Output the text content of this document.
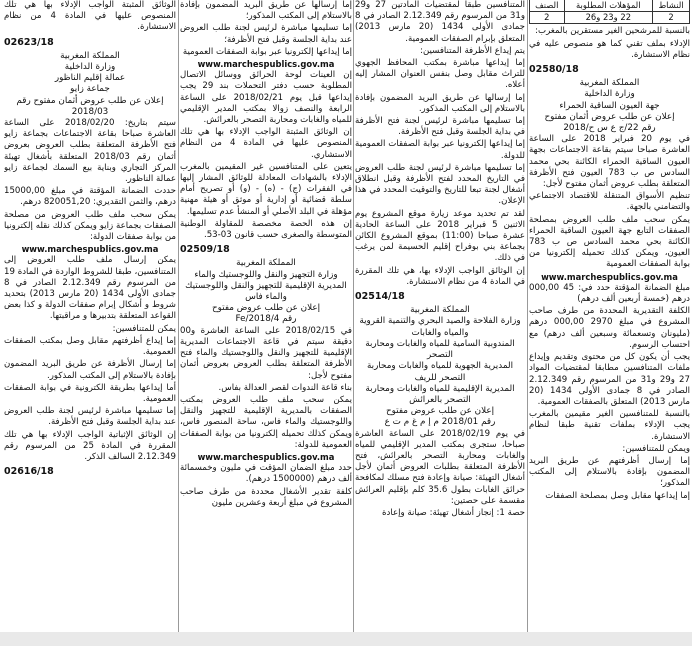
النشاط	المؤهلات المطلوبة	الصنف
2	22 و23 و26	2

بالنسبة للمرشحين الغير مستقرين بالمغرب:

الإدلاء بملف تقني كما هو منصوص عليه في نظام الاستشارة.

02580/18

المملكة المغربية

وزارة الداخلية

جهة العيون الساقية الحمراء

إعلان عن طلب عروض أثمان مفتوح

رقم 22/ج ع س ح/2018

في يوم 20 فبراير 2018 على الساعة العاشرة صباحا سيتم بقاعة الاجتماعات بجهة العيون الساقية الحمراء الكائنة بحي محمد السادس ص ب 783 العيون فتح الأظرفة المتعلقة بطلب عروض أثمان مفتوح لأجل:

تنظيم الأسواق المتنقلة للاقتصاد الاجتماعي والتضامني بالجهة.

يمكن سحب ملف طلب العروض بمصلحة الصفقات التابع جهة العيون الساقية الحمراء الكائنة بحي محمد السادس ص ب 783 العيون، ويمكن كذلك تحميله إلكترونيا من بوابة الصفقات العمومية

www.marchespublics.gov.ma

مبلغ الضمانة المؤقتة حدد في: 45 000,00 درهم (خمسة أربعين ألف درهم)

الكلفة التقديرية المحددة من طرف صاحب المشروع في مبلغ 2970 000,00 درهم (مليونان وتسعمائة وسبعين ألف درهم) مع احتساب الرسوم.

يجب أن يكون كل من محتوى وتقديم وإيداع ملفات المتنافسين مطابقا لمقتضيات المواد 27 و29 و31 من المرسوم رقم 2.12.349 الصادر في 8 جمادى الأولى 1434 (20 مارس 2013) المتعلق بالصفقات العمومية.

بالنسبة للمتنافسين الغير مقيمين بالمغرب يجب الإدلاء بملفات تقنية طبقا لنظام الاستشارة.

ويمكن للمتنافسين:

إما إرسال أظرفتهم عن طريق البريد المضمون بإفادة بالاستلام إلى المكتب المذكور؛

إما إيداعها مقابل وصل بمصلحة الصفقات

المتنافسين طبقا لمقتضيات المادتين 27 و29 و31 من المرسوم رقم 2.12.349 الصادر في 8 جمادى الأولى 1434 (20 مارس 2013) المتعلق بإبرام الصفقات العمومية.

يتم إيداع الأظرفة المتنافسين:

إما إيداعها مباشرة بمكتب المحافظ الجهوي للتراث مقابل وصل بنفس العنوان المشار إليه أعلاه.

إما إرسالها عن طريق البريد المضمون بإفادة بالاستلام إلى المكتب المذكور.

إما تسليمها مباشرة لرئيس لجنة فتح الأظرفة في بداية الجلسة وقبل فتح الأظرفة.

إما إيداعها إلكترونيا عبر بوابة الصفقات العمومية للدولة.

إما تسليمها مباشرة لرئيس لجنة طلب العروض في التاريخ المحدد لفتح الأظرفة وقبل انطلاق أشغال لجنة تبعا للتاريخ والتوقيت المحدد في هذا الإعلان.

لقد تم تحديد موعد زيارة موقع المشروع يوم الاثنين 5 فبراير 2018 على الساعة الحادية عشرة صباحا (11:00) بموقع المشروع الكائن بجماعة بني بوفراح إقليم الحسيمة لمن يرغب في ذلك.

إن الوثائق الواجب الإدلاء بها، هي تلك المقررة في المادة 4 من نظام الاستشارة.

02514/18

المملكة المغربية

وزارة الفلاحة والصيد البحري والتنمية القروية والمياه والغابات

المندوبية السامية للمياه والغابات ومحاربة التصحر

المديرية الجهوية للمياه والغابات ومحاربة التصحر للريف

المديرية الإقليمية للمياه والغابات ومحاربة التصحر بالعرائش

إعلان عن طلب عروض مفتوح

رقم 2018/01 م إ م غ م ت ع

في يوم 2018/02/19 على الساعة العاشرة صباحا، ستجرى بمكتب المدير الإقليمي للمياه والغابات ومحاربة التصحر بالعرائش، فتح الأظرفة المتعلقة بطلبات العروض أثمان لأجل أشغال التهيئة: صيانة وإعادة فتح مسلك لمكافحة حرائق الغابات بطول 35.6 كلم بإقليم العرائش مقسمة على حصتين:

حصة 1: إنجاز أشغال تهيئة: صيانة وإعادة

إما إرسالها عن طريق البريد المضمون بإفادة بالاستلام إلى المكتب المذكور؛

إما تسليمها مباشرة لرئيس لجنة طلب العروض عند بداية الجلسة وقبل فتح الأظرفة؛

إما إيداعها إلكترونيا عبر بوابة الصفقات العمومية

www.marchespublics.gov.ma

إن العينات لوحة الحرائق ووسائل الاتصال المطلوبة حسب دفتر التحملات بند 29 يجب إيداعها قبل يوم 2018/02/21 على الساعة الرابعة والنصف زوالا بمكتب المدير الإقليمي للمياه والغابات ومحاربة التصحر بالعرائش.

إن الوثائق المثبتة الواجب الإدلاء بها هي تلك المنصوص عليها في المادة 4 من النظام الاستشاري.

يتعين على المتنافسين غير المقيمين بالمغرب الإدلاء بالشهادات المعادلة للوثائق المشار إليها في الفقرات (ج) - (ه) - (و) أو تصريح أمام سلطة قضائية أو إدارية أو موثق أو هيئة مهنية مؤهلة في البلد الأصلي أو المنشأ عدم تسليمها.

إن هذه الحصة مخصصة للمقاولة الوطنية المتوسطة والصغرى حسب قانون 03-53.

02509/18

المملكة المغربية

وزارة التجهيز والنقل واللوجستيك والماء

المديرية الإقليمية للتجهيز والنقل واللوجستيك والماء فاس

إعلان عن طلب عروض مفتوح

رقم Fe/2018/4

في 2018/02/15 على الساعة العاشرة و00 دقيقة سيتم في قاعة الاجتماعات المديرية الإقليمية للتجهيز والنقل واللوجستيك والماء فتح الأظرفة المتعلقة بطلب العروض بعروض أثمان مفتوح لأجل:

بناء قاعة الندوات لقصر العدالة بفاس.

يمكن سحب ملف طلب العروض بمكتب الصفقات بالمديرية الإقليمية للتجهيز والنقل واللوجستيك والماء فاس، ساحة المنصور فاس، ويمكن كذلك تحميله إلكترونيا من بوابة الصفقات العمومية للدولة:

www.marchespublics.gov.ma

حدد مبلغ الضمان المؤقت في مليون وخمسمائة ألف درهم (1500000 درهم).

كلفة تقدير الأشغال محددة من طرف صاحب المشروع في مبلغ أربعة وعشرين مليون

الوثائق المثبتة الواجب الإدلاء بها هي تلك المنصوص عليها في المادة 4 من نظام الاستشارة.

02623/18

المملكة المغربية

وزارة الداخلية

عمالة إقليم الناظور

جماعة زايو

إعلان عن طلب عروض أثمان مفتوح رقم 2018/03

سيتم بتاريخ: 2018/02/20 على الساعة العاشرة صباحا بقاعة الاجتماعات بجماعة زايو فتح الأظرفة المتعلقة بطلب العروض بعروض أثمان رقم 2018/03 المتعلقة بأشغال تهيئة المركز التجاري وبناية بيع السمك لجماعة زايو عمالة الناظور.

حددت الضمانة المؤقتة في مبلغ 15000,00 درهم، والثمن التقديري: 820051,20 درهم.

يمكن سحب ملف طلب العروض من مصلحة الصفقات بجماعة زايو ويمكن كذلك نقله إلكترونيا من بوابة صفقات الدولة:

www.marchespublics.gov.ma

يمكن إرسال ملف طلب العروض إلى المتنافسين، طبقا للشروط الواردة في المادة 19 من المرسوم رقم 2.12.349 الصادر في 8 جمادى الأولى 1434 (20 مارس 2013) بتحديد شروط و أشكال إبرام صفقات الدولة و كذا بعض القواعد المتعلقة بتدبيرها و مراقبتها.

يمكن للمتنافسين:

إما إيداع أظرفتهم مقابل وصل بمكتب الصفقات العمومية.

إما إرسال الأظرفة عن طريق البريد المضمون بإفادة بالاستلام إلى المكتب المذكور.

أما إيداعها بطريقة الكترونية في بوابة الصفقات العمومية.

إما تسليمها مباشرة لرئيس لجنة طلب العروض عند بداية الجلسة وقبل فتح الأظرفة.

إن الوثائق الإثباتية الواجب الإدلاء بها هي تلك المقررة في المادة 25 من المرسوم رقم 2.12.349 السالف الذكر.

02616/18
